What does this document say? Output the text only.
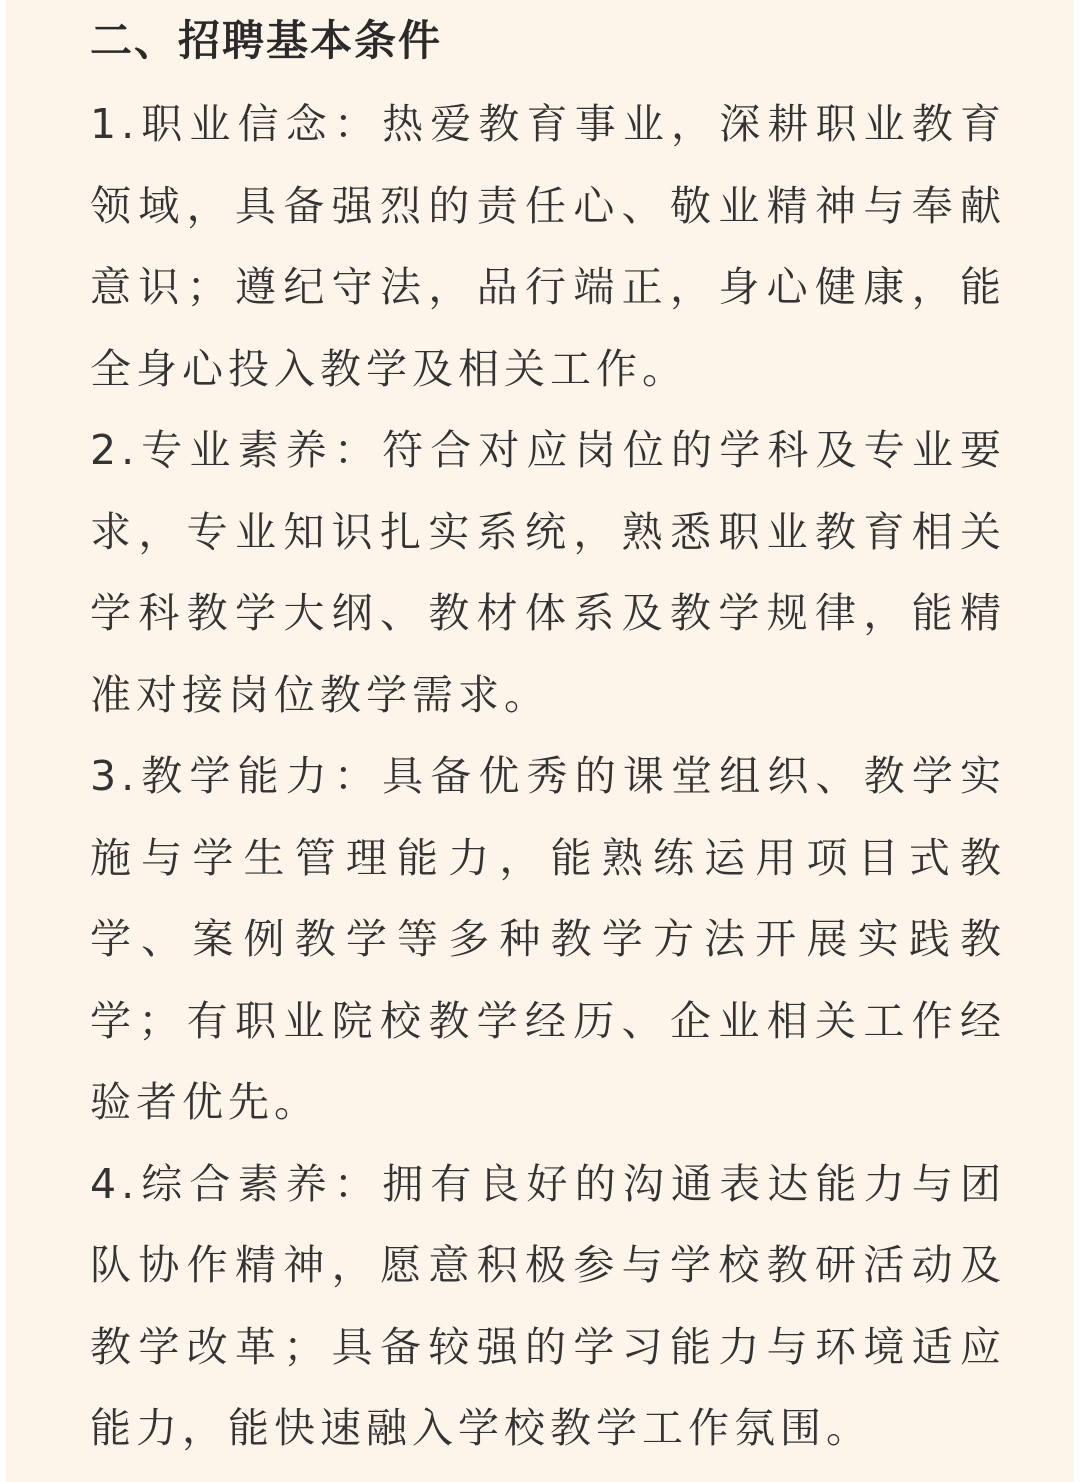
二、招聘基本条件

1.职业信念：热爱教育事业，深耕职业教育领域，具备强烈的责任心、敬业精神与奉献意识；遵纪守法，品行端正，身心健康，能全身心投入教学及相关工作。

2.专业素养：符合对应岗位的学科及专业要求，专业知识扎实系统，熟悉职业教育相关学科教学大纲、教材体系及教学规律，能精准对接岗位教学需求。

3.教学能力：具备优秀的课堂组织、教学实施与学生管理能力，能熟练运用项目式教学、案例教学等多种教学方法开展实践教学；有职业院校教学经历、企业相关工作经验者优先。

4.综合素养：拥有良好的沟通表达能力与团队协作精神，愿意积极参与学校教研活动及教学改革；具备较强的学习能力与环境适应能力，能快速融入学校教学工作氛围。
